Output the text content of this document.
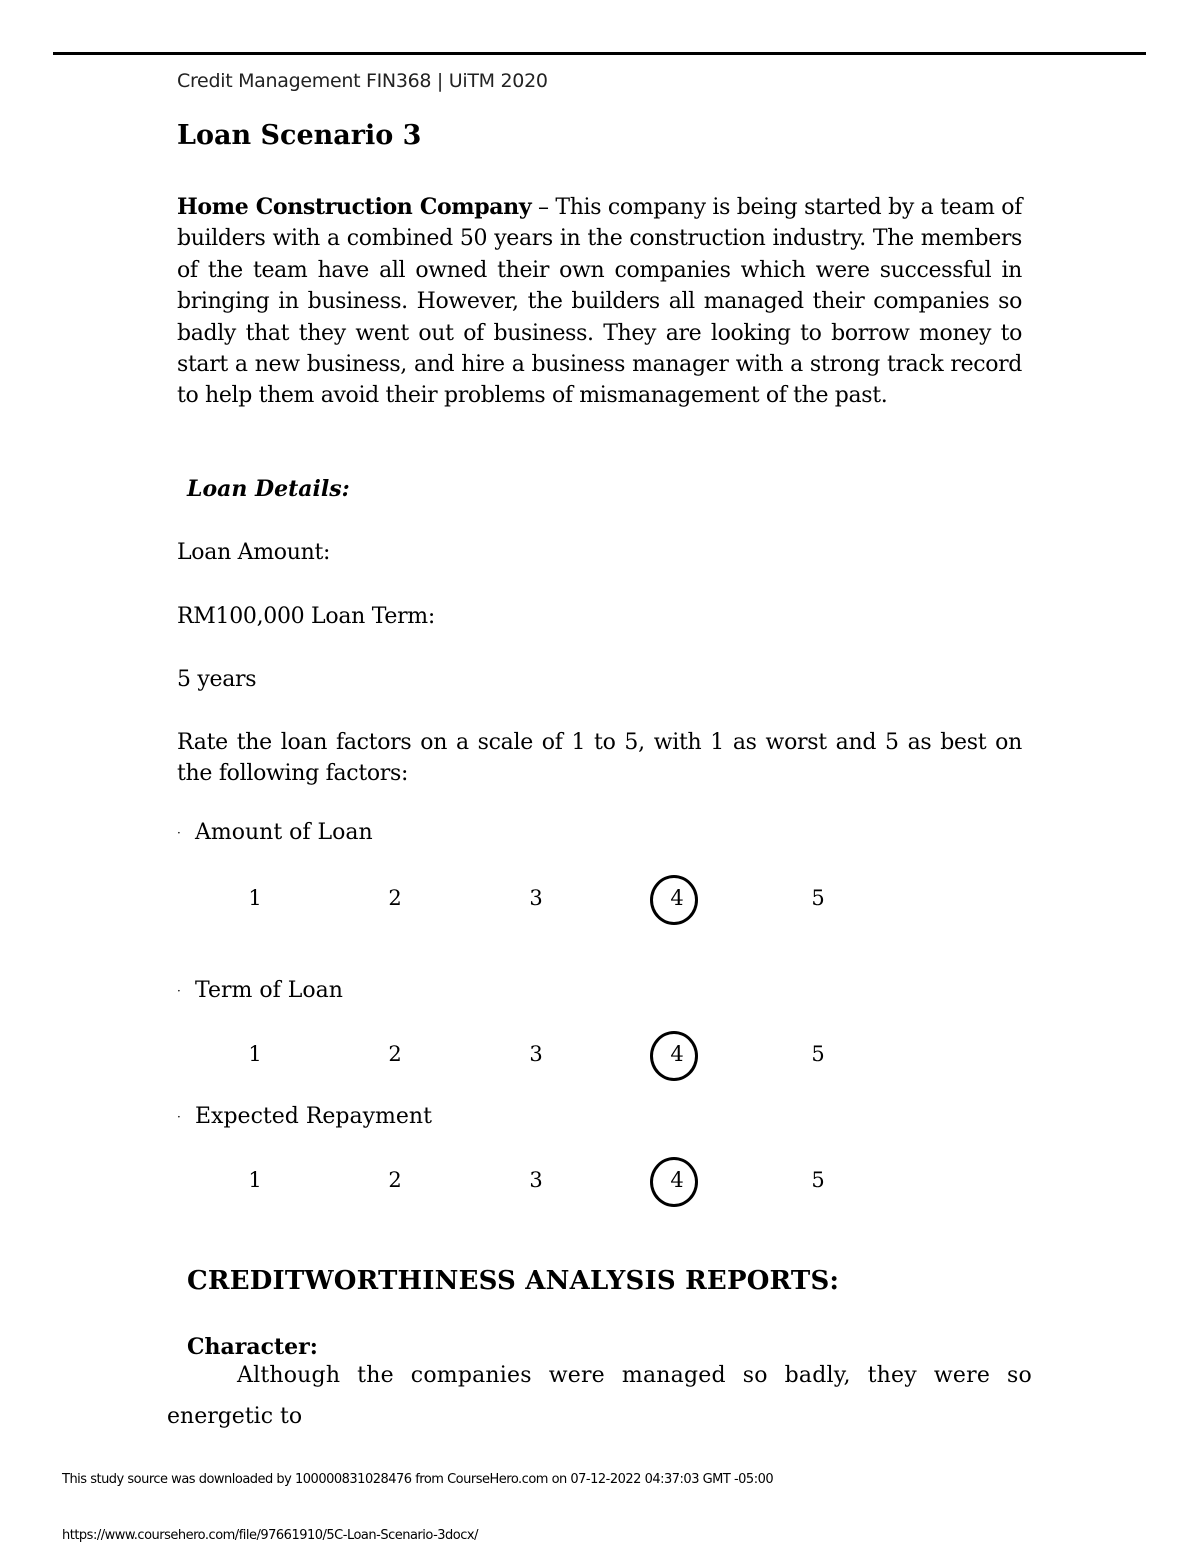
Credit Management FIN368 | UiTM 2020
Loan Scenario 3
Home Construction Company – This company is being started by a team of builders with a combined 50 years in the construction industry. The members of the team have all owned their own companies which were successful in bringing in business. However, the builders all managed their companies so badly that they went out of business. They are looking to borrow money to start a new business, and hire a business manager with a strong track record to help them avoid their problems of mismanagement of the past.
Loan Details:
Loan Amount:
RM100,000 Loan Term:
5 years
Rate the loan factors on a scale of 1 to 5, with 1 as worst and 5 as best on the following factors:
· Amount of Loan
1	2	3	4	5
· Term of Loan
1	2	3	4	5
· Expected Repayment
1	2	3	4	5
CREDITWORTHINESS ANALYSIS REPORTS:
Character:
Although the companies were managed so badly, they were so
energetic to
This study source was downloaded by 100000831028476 from CourseHero.com on 07-12-2022 04:37:03 GMT -05:00
https://www.coursehero.com/file/97661910/5C-Loan-Scenario-3docx/
